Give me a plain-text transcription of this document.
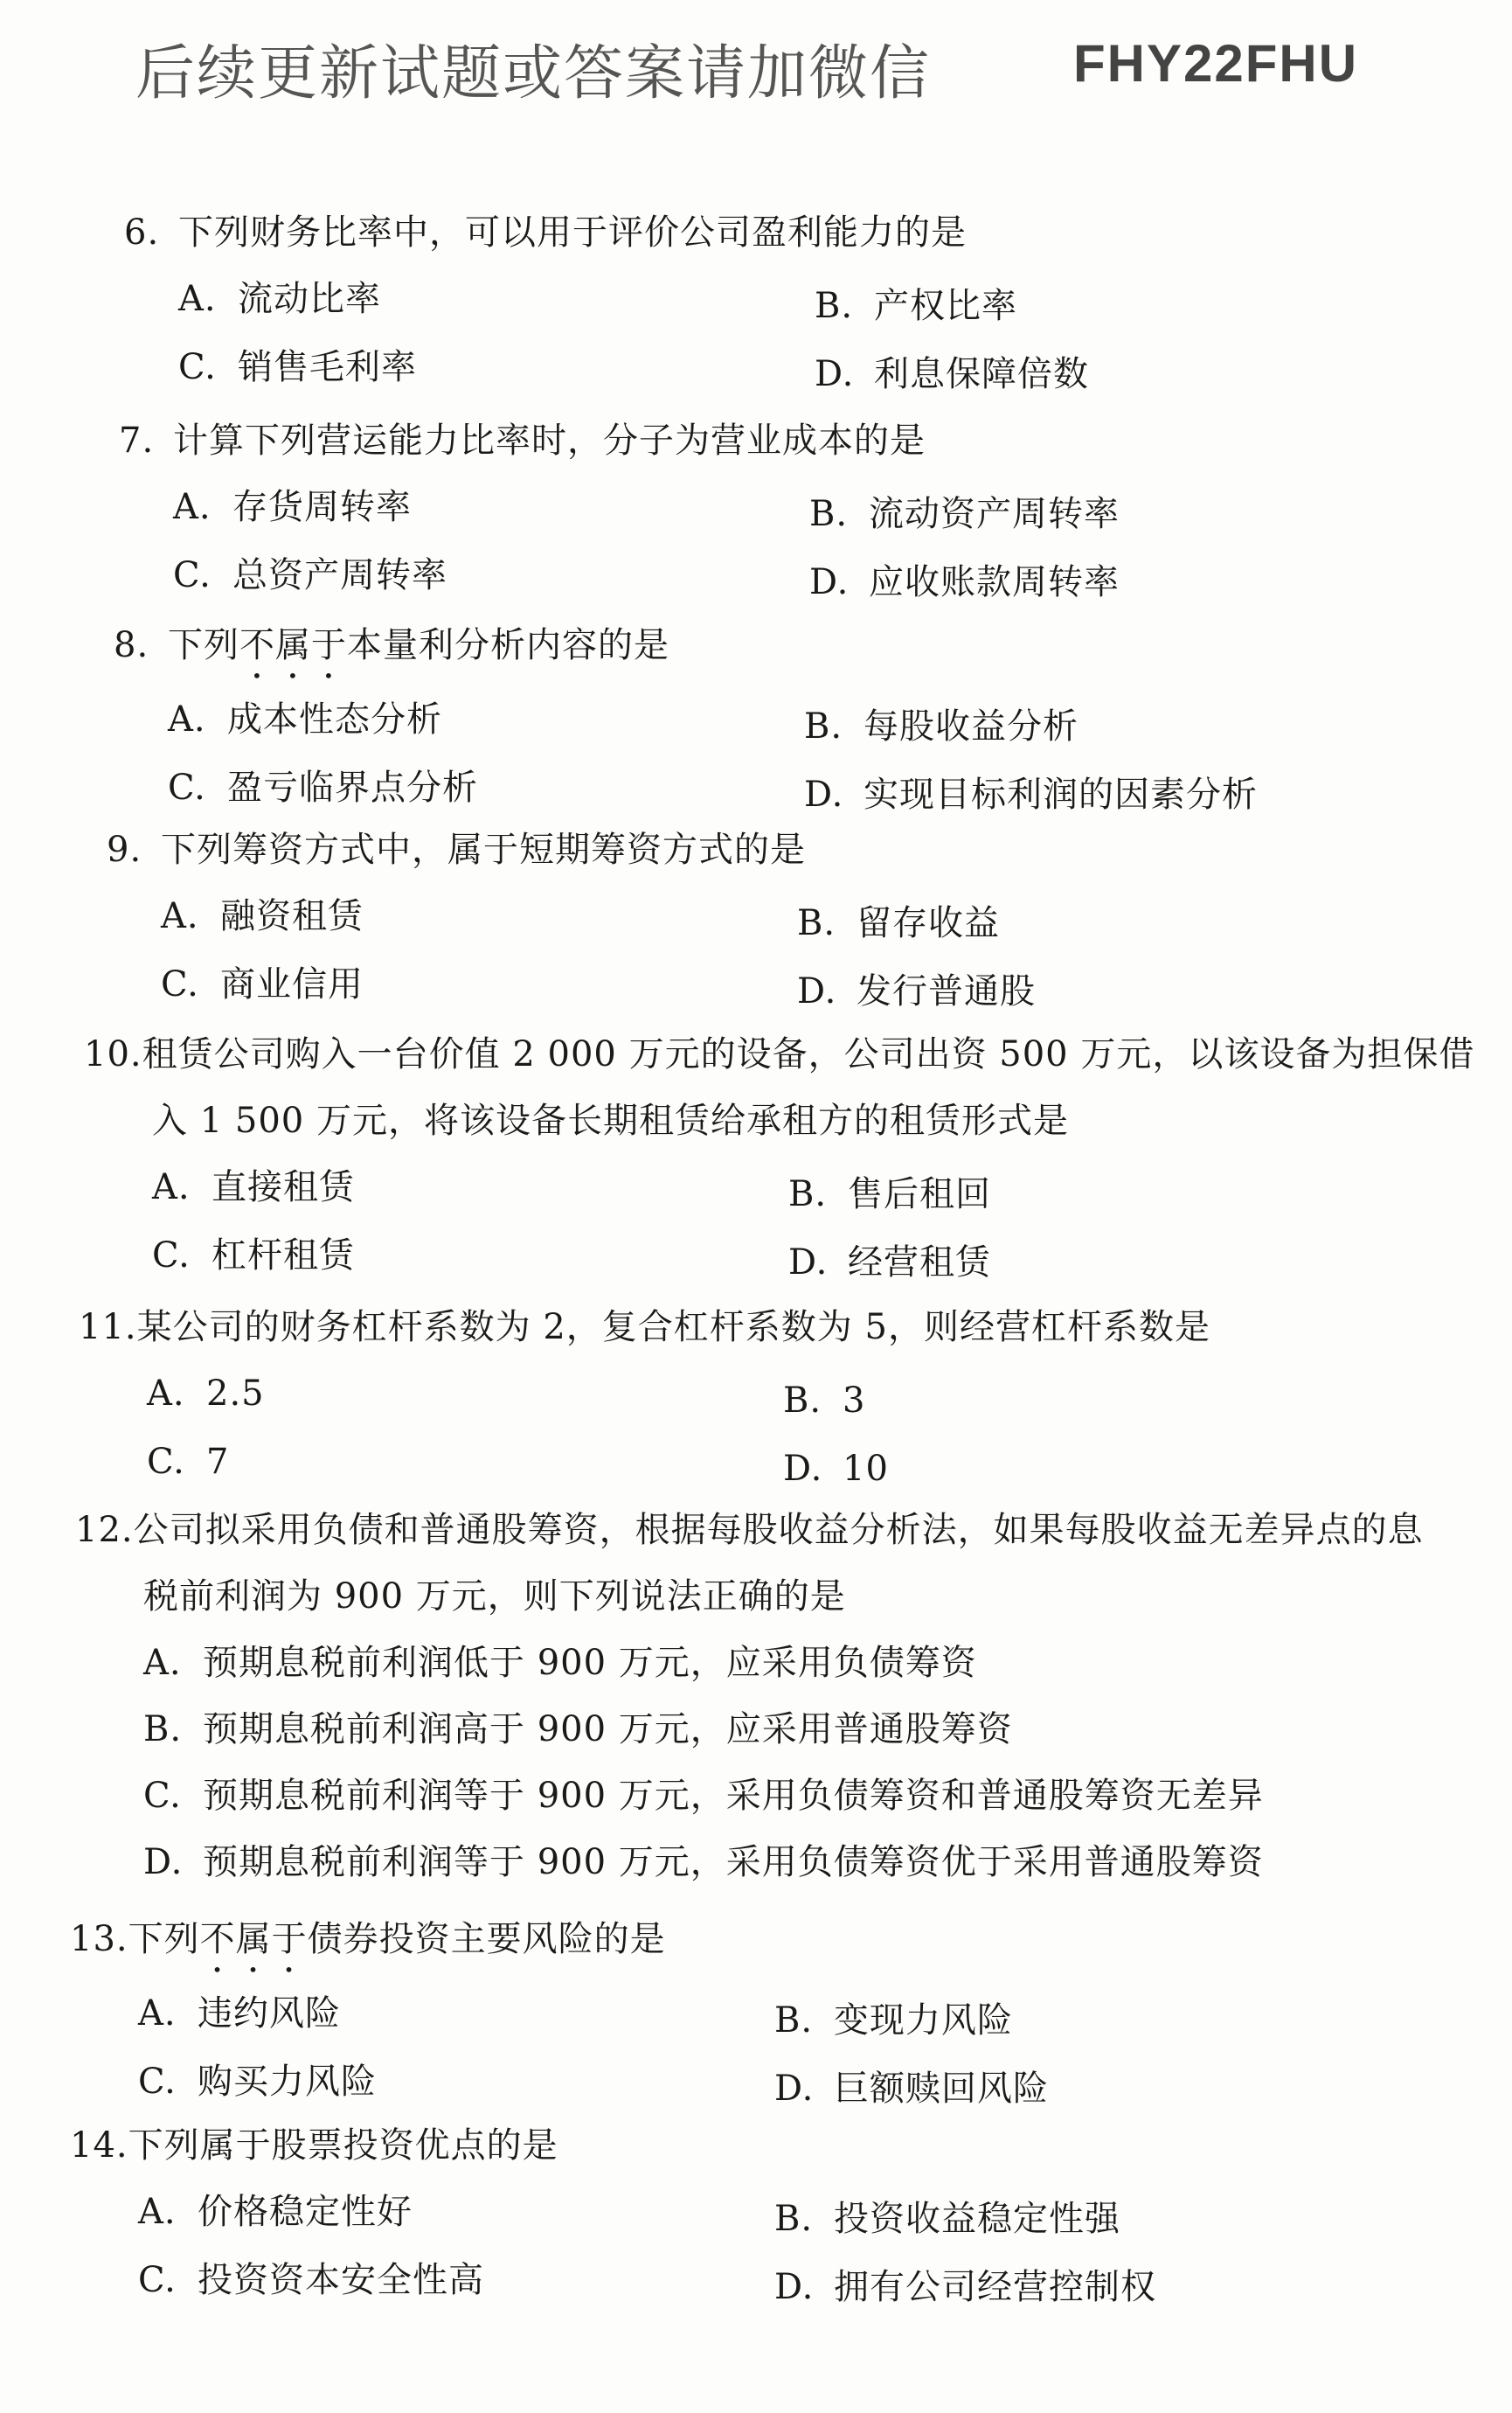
后续更新试题或答案请加微信	FHY22FHU
6. 下列财务比率中，可以用于评价公司盈利能力的是
A. 流动比率	B. 产权比率
C. 销售毛利率	D. 利息保障倍数
7. 计算下列营运能力比率时，分子为营业成本的是
A. 存货周转率	B. 流动资产周转率
C. 总资产周转率	D. 应收账款周转率
8. 下列不属于本量利分析内容的是
A. 成本性态分析	B. 每股收益分析
C. 盈亏临界点分析	D. 实现目标利润的因素分析
9. 下列筹资方式中，属于短期筹资方式的是
A. 融资租赁	B. 留存收益
C. 商业信用	D. 发行普通股
10.租赁公司购入一台价值 2 000 万元的设备，公司出资 500 万元，以该设备为担保借
入 1 500 万元，将该设备长期租赁给承租方的租赁形式是
A. 直接租赁	B. 售后租回
C. 杠杆租赁	D. 经营租赁
11.某公司的财务杠杆系数为 2，复合杠杆系数为 5，则经营杠杆系数是
A. 2.5	B. 3
C. 7	D. 10
12.公司拟采用负债和普通股筹资，根据每股收益分析法，如果每股收益无差异点的息
税前利润为 900 万元，则下列说法正确的是
A. 预期息税前利润低于 900 万元，应采用负债筹资
B. 预期息税前利润高于 900 万元，应采用普通股筹资
C. 预期息税前利润等于 900 万元，采用负债筹资和普通股筹资无差异
D. 预期息税前利润等于 900 万元，采用负债筹资优于采用普通股筹资
13.下列不属于债券投资主要风险的是
A. 违约风险	B. 变现力风险
C. 购买力风险	D. 巨额赎回风险
14.下列属于股票投资优点的是
A. 价格稳定性好	B. 投资收益稳定性强
C. 投资资本安全性高	D. 拥有公司经营控制权
